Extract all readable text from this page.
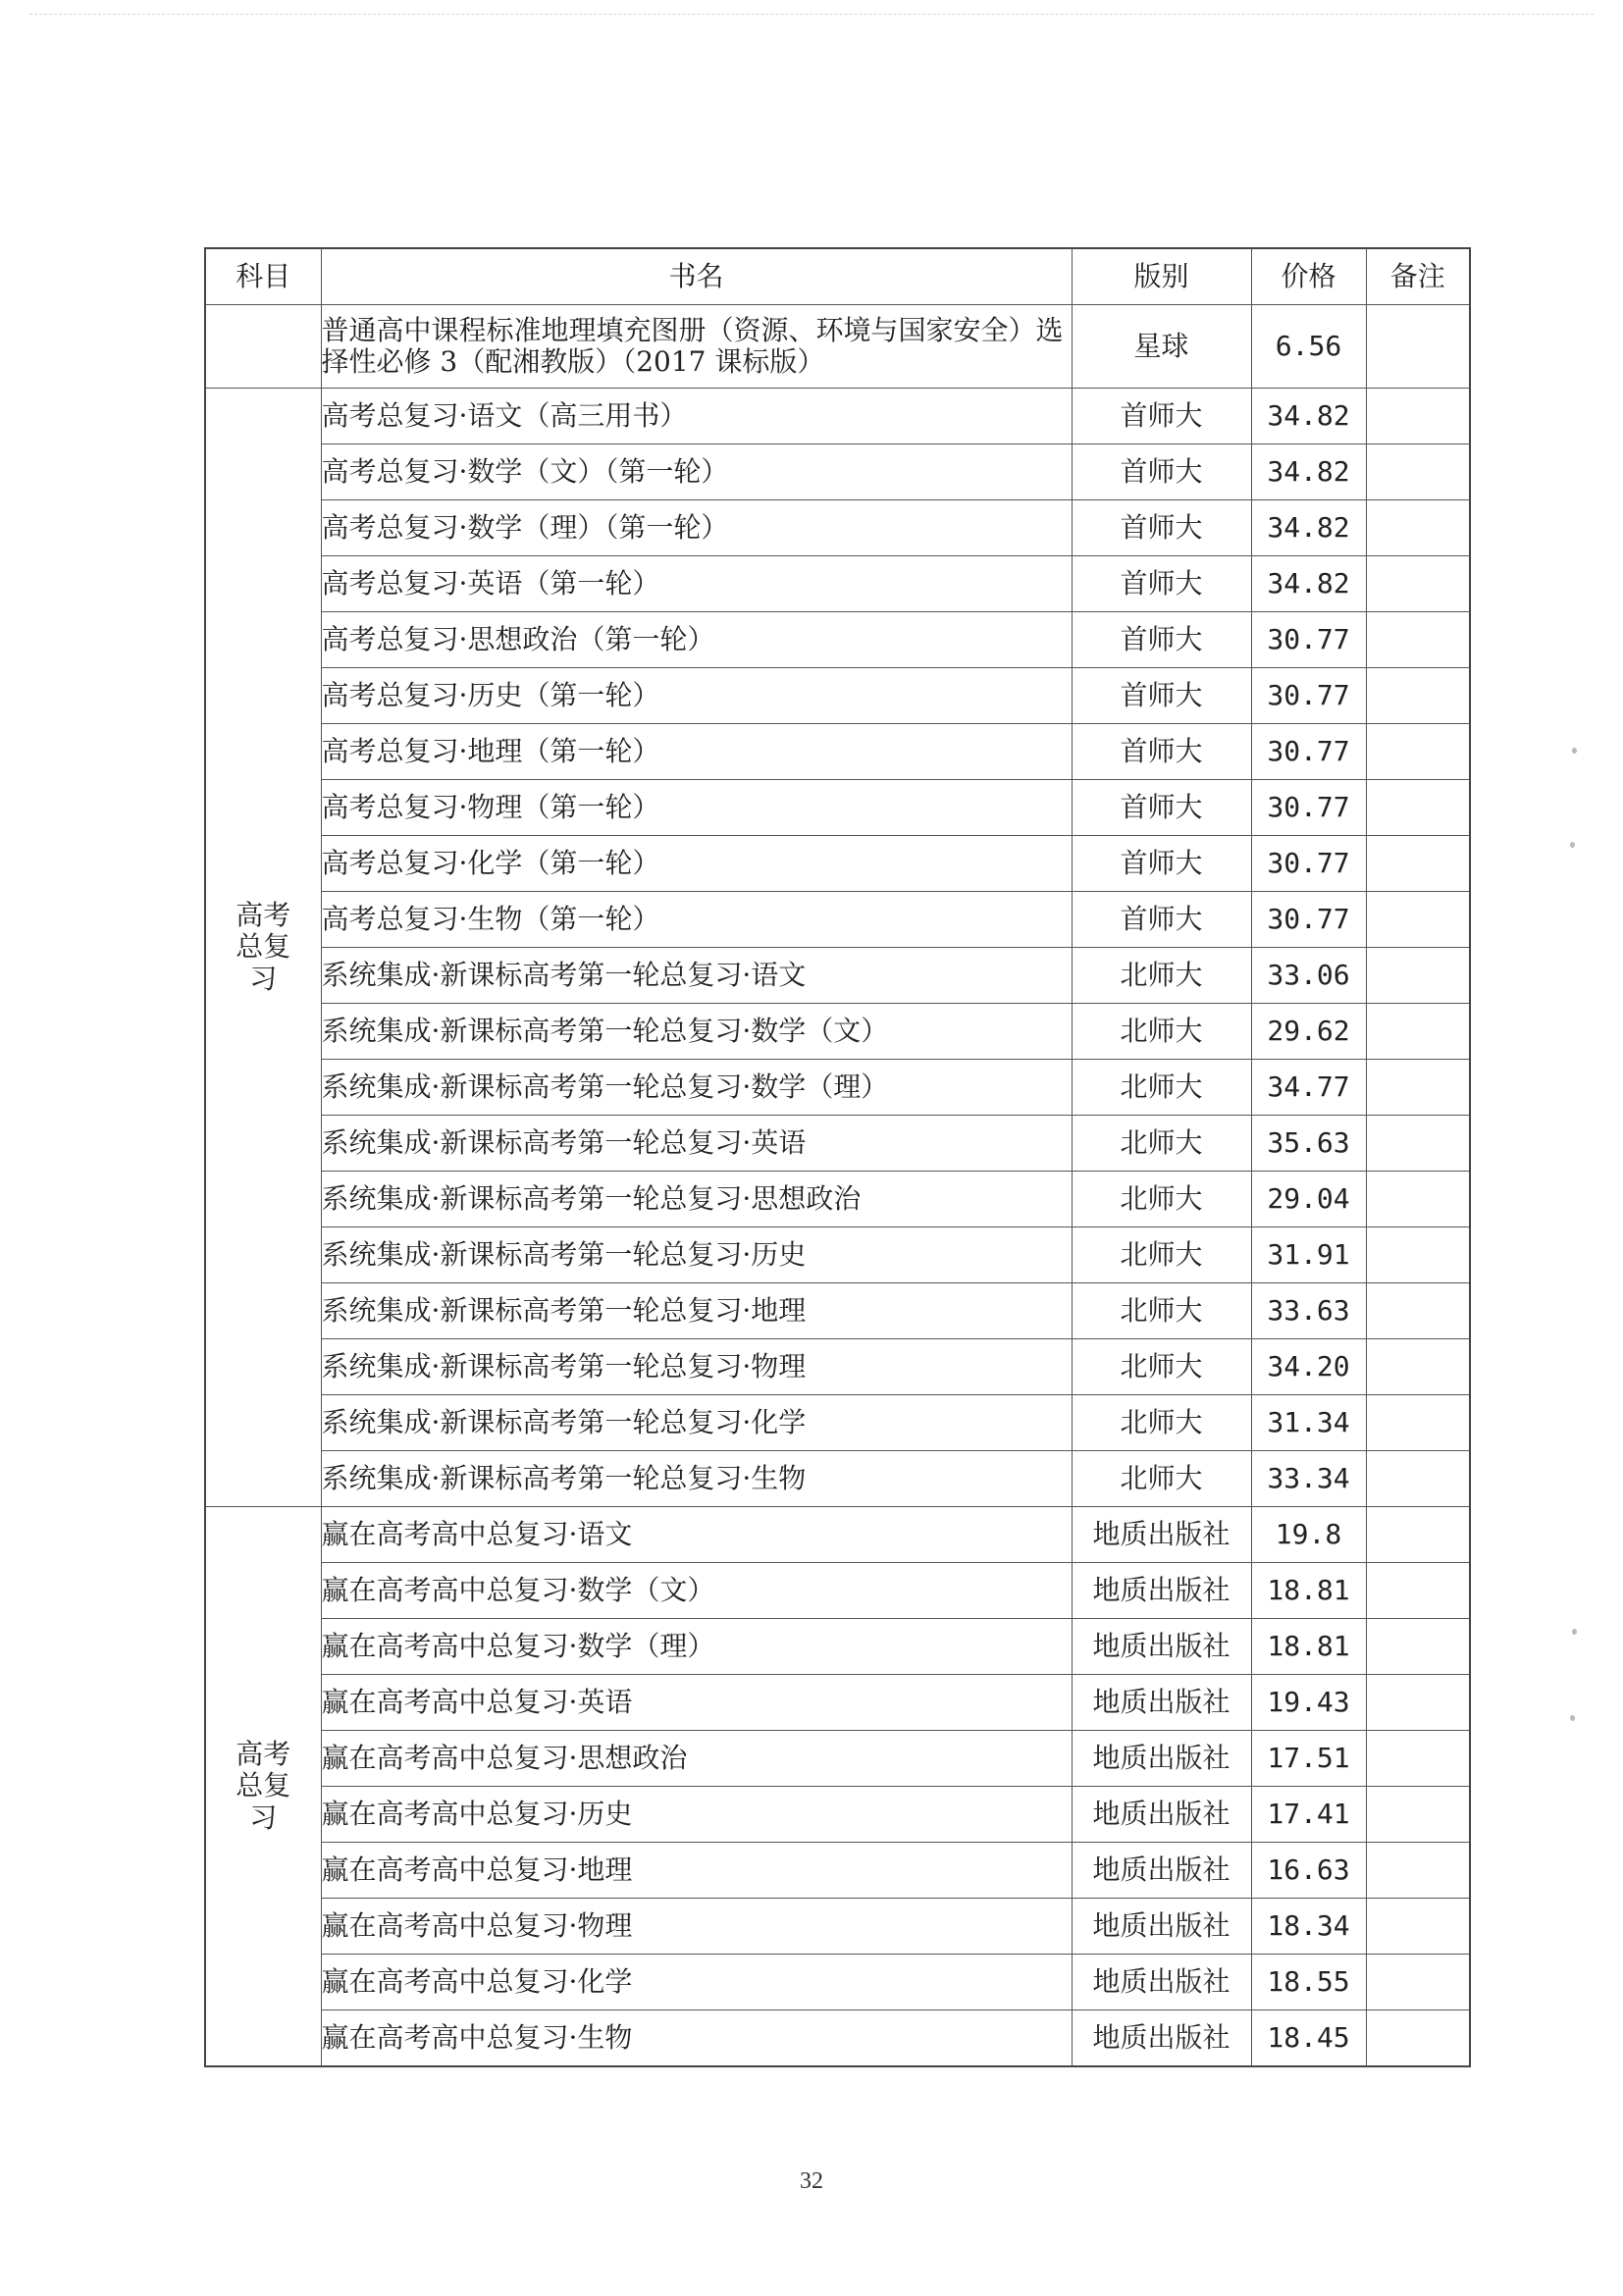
科目	书名	版别	价格	备注
	普通高中课程标准地理填充图册（资源、环境与国家安全）选择性必修 3（配湘教版）（2017 课标版）	星球	6.56	
高考总复习	高考总复习·语文（高三用书）	首师大	34.82	
	高考总复习·数学（文）（第一轮）	首师大	34.82	
	高考总复习·数学（理）（第一轮）	首师大	34.82	
	高考总复习·英语（第一轮）	首师大	34.82	
	高考总复习·思想政治（第一轮）	首师大	30.77	
	高考总复习·历史（第一轮）	首师大	30.77	
	高考总复习·地理（第一轮）	首师大	30.77	
	高考总复习·物理（第一轮）	首师大	30.77	
	高考总复习·化学（第一轮）	首师大	30.77	
	高考总复习·生物（第一轮）	首师大	30.77	
	系统集成·新课标高考第一轮总复习·语文	北师大	33.06	
	系统集成·新课标高考第一轮总复习·数学（文）	北师大	29.62	
	系统集成·新课标高考第一轮总复习·数学（理）	北师大	34.77	
	系统集成·新课标高考第一轮总复习·英语	北师大	35.63	
	系统集成·新课标高考第一轮总复习·思想政治	北师大	29.04	
	系统集成·新课标高考第一轮总复习·历史	北师大	31.91	
	系统集成·新课标高考第一轮总复习·地理	北师大	33.63	
	系统集成·新课标高考第一轮总复习·物理	北师大	34.20	
	系统集成·新课标高考第一轮总复习·化学	北师大	31.34	
	系统集成·新课标高考第一轮总复习·生物	北师大	33.34	
高考总复习	赢在高考高中总复习·语文	地质出版社	19.8	
	赢在高考高中总复习·数学（文）	地质出版社	18.81	
	赢在高考高中总复习·数学（理）	地质出版社	18.81	
	赢在高考高中总复习·英语	地质出版社	19.43	
	赢在高考高中总复习·思想政治	地质出版社	17.51	
	赢在高考高中总复习·历史	地质出版社	17.41	
	赢在高考高中总复习·地理	地质出版社	16.63	
	赢在高考高中总复习·物理	地质出版社	18.34	
	赢在高考高中总复习·化学	地质出版社	18.55	
	赢在高考高中总复习·生物	地质出版社	18.45	
32
